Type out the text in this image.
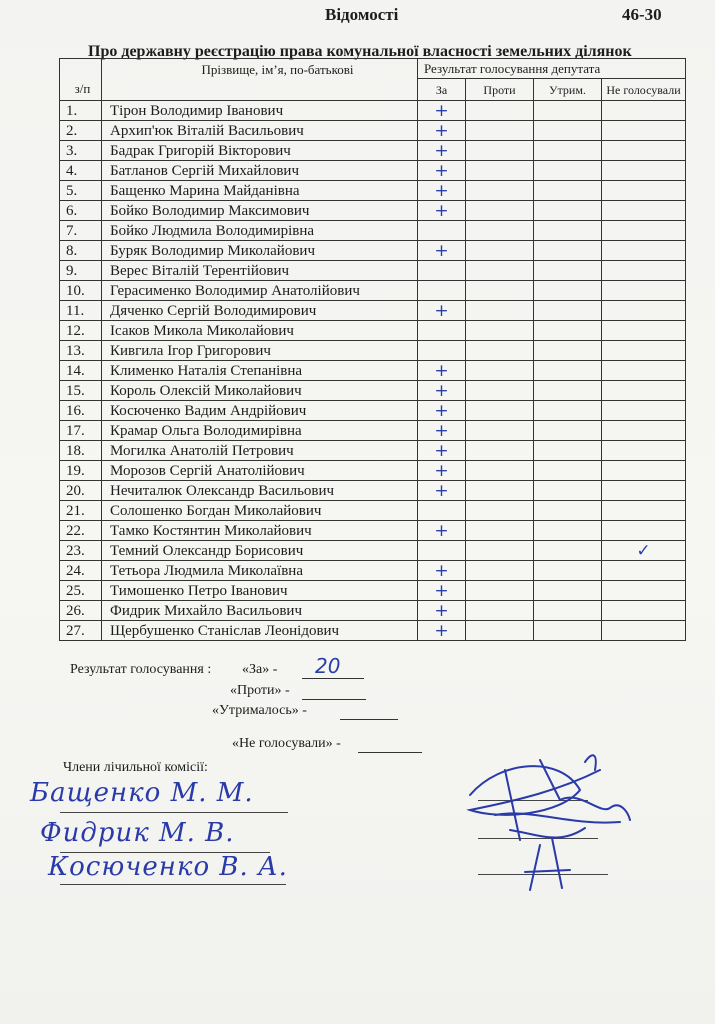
Відомості	46-30
Про державну реєстрацію права комунальної власності земельних ділянок
з/п	Прізвище, ім’я, по-батькові	Результат голосування депутата			
		За	Проти	Утрим.	Не голосували
1.	Тірон Володимир Іванович	+			
2.	Архип'юк Віталій Васильович	+			
3.	Бадрак Григорій Вікторович	+			
4.	Батланов Сергій Михайлович	+			
5.	Бащенко Марина Майданівна	+			
6.	Бойко Володимир Максимович	+			
7.	Бойко Людмила Володимирівна				
8.	Буряк Володимир Миколайович	+			
9.	Верес Віталій Терентійович				
10.	Герасименко Володимир Анатолійович				
11.	Дяченко Сергій Володимирович	+			
12.	Ісаков Микола Миколайович				
13.	Кивгила Ігор Григорович				
14.	Клименко Наталія Степанівна	+			
15.	Король Олексій Миколайович	+			
16.	Косюченко Вадим Андрійович	+			
17.	Крамар Ольга Володимирівна	+			
18.	Могилка Анатолій Петрович	+			
19.	Морозов Сергій Анатолійович	+			
20.	Нечиталюк Олександр Васильович	+			
21.	Солошенко Богдан Миколайович				
22.	Тамко Костянтин Миколайович	+			
23.	Темний Олександр Борисович				✓
24.	Тетьора Людмила Миколаївна	+			
25.	Тимошенко Петро Іванович	+			
26.	Фидрик Михайло Васильович	+			
27.	Щербушенко Станіслав Леонідович	+			
Результат голосування : «За» - 20
«Проти» -
«Утрималось» -
«Не голосували» -
Члени лічильної комісії:
Бащенко М. М.
Фидрик М. В.
Косюченко В. А.
